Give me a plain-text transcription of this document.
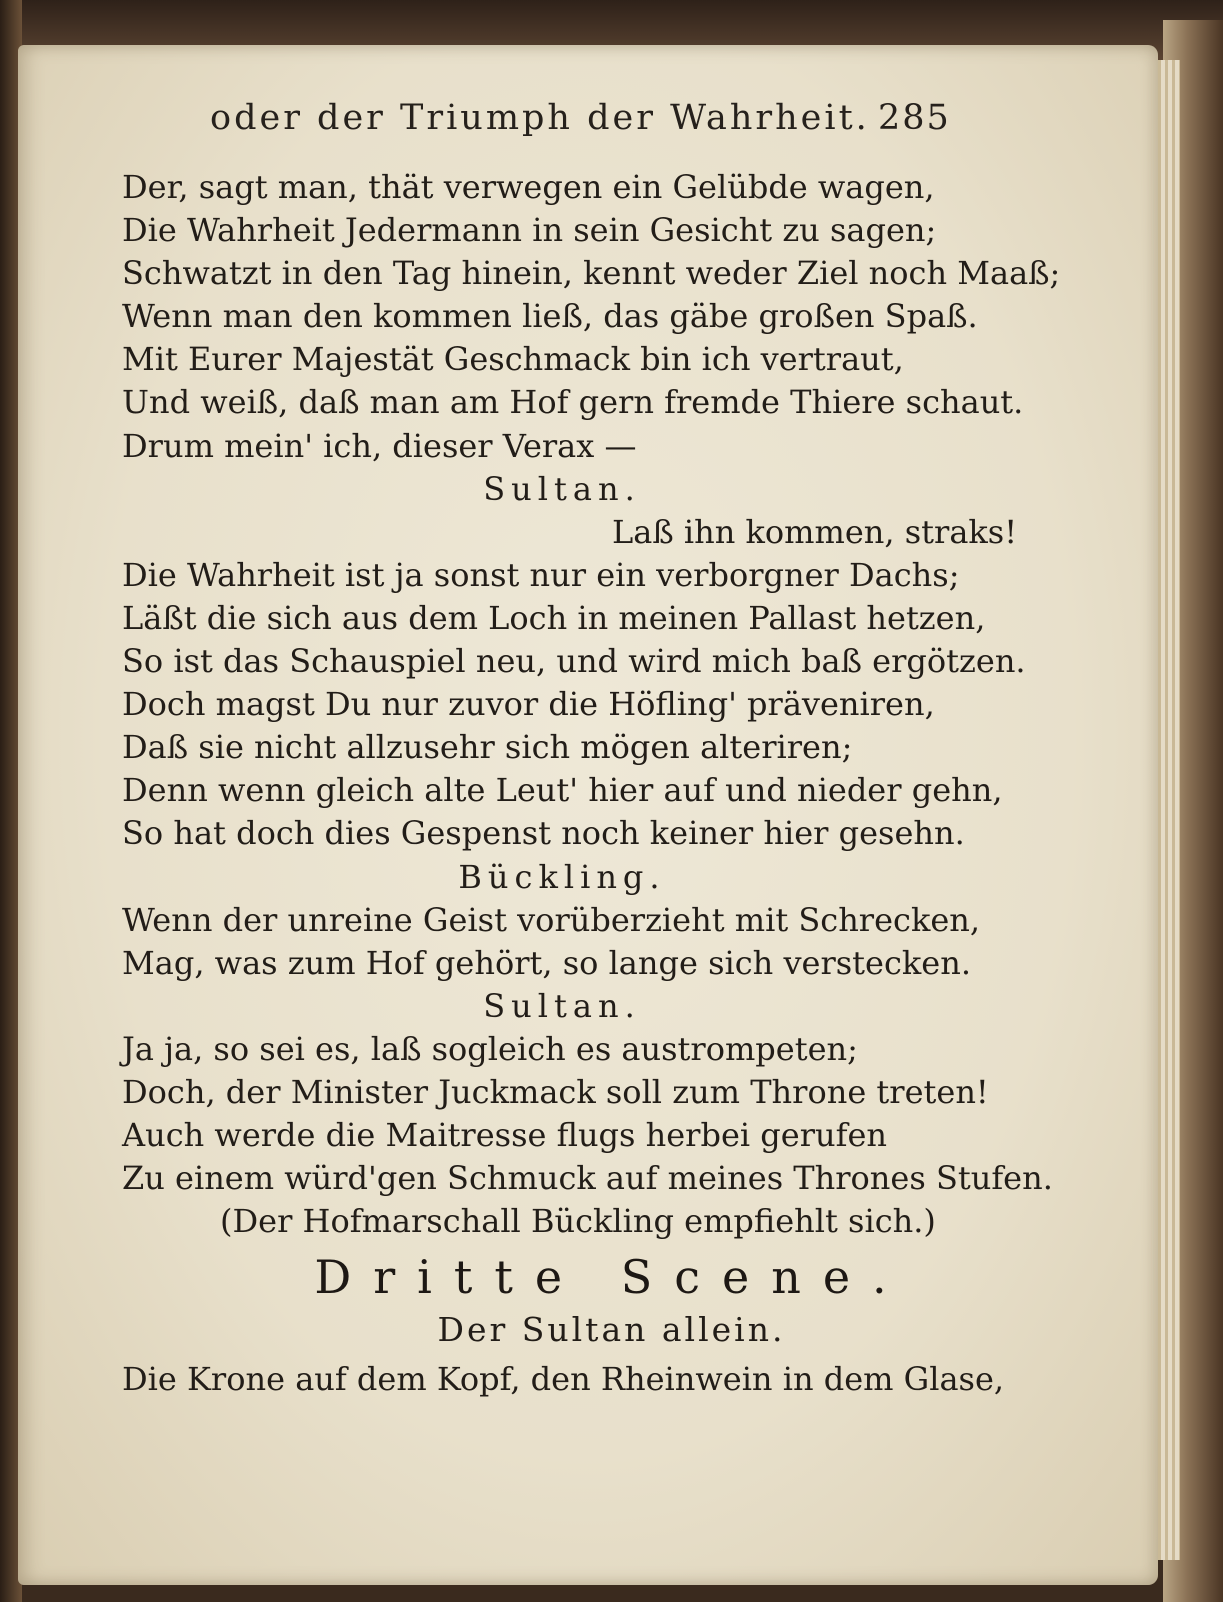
oder der Triumph der Wahrheit. 285
Der, sagt man, thät verwegen ein Gelübde wagen,
Die Wahrheit Jedermann in sein Gesicht zu sagen;
Schwatzt in den Tag hinein, kennt weder Ziel noch Maaß;
Wenn man den kommen ließ, das gäbe großen Spaß.
Mit Eurer Majestät Geschmack bin ich vertraut,
Und weiß, daß man am Hof gern fremde Thiere schaut.
Drum mein' ich, dieser Verax —
Sultan.
Laß ihn kommen, straks!
Die Wahrheit ist ja sonst nur ein verborgner Dachs;
Läßt die sich aus dem Loch in meinen Pallast hetzen,
So ist das Schauspiel neu, und wird mich baß ergötzen.
Doch magst Du nur zuvor die Höfling' präveniren,
Daß sie nicht allzusehr sich mögen alteriren;
Denn wenn gleich alte Leut' hier auf und nieder gehn,
So hat doch dies Gespenst noch keiner hier gesehn.
Bückling.
Wenn der unreine Geist vorüberzieht mit Schrecken,
Mag, was zum Hof gehört, so lange sich verstecken.
Sultan.
Ja ja, so sei es, laß sogleich es austrompeten;
Doch, der Minister Juckmack soll zum Throne treten!
Auch werde die Maitresse flugs herbei gerufen
Zu einem würd'gen Schmuck auf meines Thrones Stufen.
(Der Hofmarschall Bückling empfiehlt sich.)
Dritte Scene.
Der Sultan allein.
Die Krone auf dem Kopf, den Rheinwein in dem Glase,
